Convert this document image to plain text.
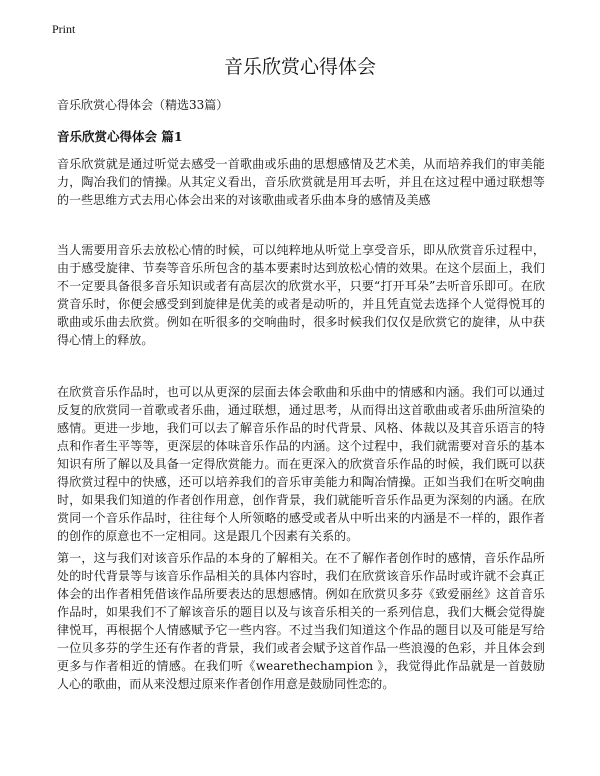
Print
音乐欣赏心得体会

音乐欣赏心得体会（精选33篇）

音乐欣赏心得体会 篇1

音乐欣赏就是通过听觉去感受一首歌曲或乐曲的思想感情及艺术美，从而培养我们的审美能力，陶冶我们的情操。从其定义看出，音乐欣赏就是用耳去听，并且在这过程中通过联想等的一些思维方式去用心体会出来的对该歌曲或者乐曲本身的感情及美感

当人需要用音乐去放松心情的时候，可以纯粹地从听觉上享受音乐，即从欣赏音乐过程中，由于感受旋律、节奏等音乐所包含的基本要素时达到放松心情的效果。在这个层面上，我们不一定要具备很多音乐知识或者有高层次的欣赏水平，只要“打开耳朵”去听音乐即可。在欣赏音乐时，你便会感受到到旋律是优美的或者是动听的，并且凭直觉去选择个人觉得悦耳的歌曲或乐曲去欣赏。例如在听很多的交响曲时，很多时候我们仅仅是欣赏它的旋律，从中获得心情上的释放。

在欣赏音乐作品时，也可以从更深的层面去体会歌曲和乐曲中的情感和内涵。我们可以通过反复的欣赏同一首歌或者乐曲，通过联想，通过思考，从而得出这首歌曲或者乐曲所渲染的感情。更进一步地，我们可以去了解音乐作品的时代背景、风格、体裁以及其音乐语言的特点和作者生平等等，更深层的体味音乐作品的内涵。这个过程中，我们就需要对音乐的基本知识有所了解以及具备一定得欣赏能力。而在更深入的欣赏音乐作品的时候，我们既可以获得欣赏过程中的快感，还可以培养我们的音乐审美能力和陶冶情操。正如当我们在听交响曲时，如果我们知道的作者创作用意，创作背景，我们就能听音乐作品更为深刻的内涵。在欣赏同一个音乐作品时，往往每个人所领略的感受或者从中听出来的内涵是不一样的，跟作者的创作的原意也不一定相同。这是跟几个因素有关系的。

第一，这与我们对该音乐作品的本身的了解相关。在不了解作者创作时的感情，音乐作品所处的时代背景等与该音乐作品相关的具体内容时，我们在欣赏该音乐作品时或许就不会真正体会的出作者相凭借该作品所要表达的思想感情。例如在欣赏贝多芬《致爱丽丝》这首音乐作品时，如果我们不了解该音乐的题目以及与该音乐相关的一系列信息，我们大概会觉得旋律悦耳，再根据个人情感赋予它一些内容。不过当我们知道这个作品的题目以及可能是写给一位贝多芬的学生还有作者的背景，我们或者会赋予这首作品一些浪漫的色彩，并且体会到更多与作者相近的情感。在我们听《wearethechampion 》，我觉得此作品就是一首鼓励人心的歌曲，而从来没想过原来作者创作用意是鼓励同性恋的。
